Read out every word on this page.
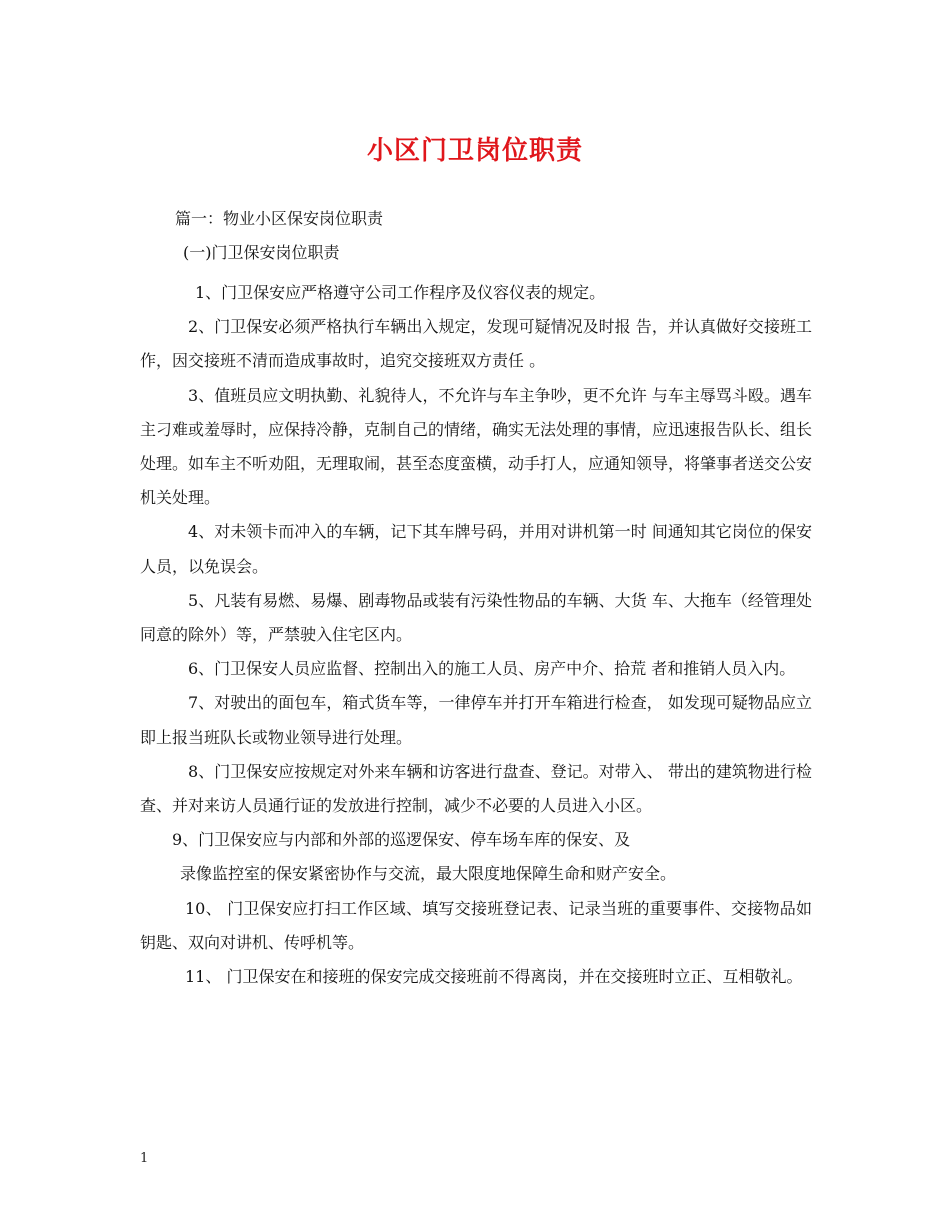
小区门卫岗位职责
篇一：物业小区保安岗位职责
(一)门卫保安岗位职责

1、门卫保安应严格遵守公司工作程序及仪容仪表的规定。

2、门卫保安必须严格执行车辆出入规定，发现可疑情况及时报 告，并认真做好交接班工作，因交接班不清而造成事故时，追究交接班双方责任 。

3、值班员应文明执勤、礼貌待人，不允许与车主争吵，更不允许 与车主辱骂斗殴。遇车主刁难或羞辱时，应保持冷静，克制自己的情绪，确实无法处理的事情，应迅速报告队长、组长处理。如车主不听劝阻，无理取闹，甚至态度蛮横，动手打人，应通知领导，将肇事者送交公安机关处理。

4、对未领卡而冲入的车辆，记下其车牌号码，并用对讲机第一时 间通知其它岗位的保安人员，以免误会。

5、凡装有易燃、易爆、剧毒物品或装有污染性物品的车辆、大货 车、大拖车（经管理处同意的除外）等，严禁驶入住宅区内。

6、门卫保安人员应监督、控制出入的施工人员、房产中介、拾荒 者和推销人员入内。

7、对驶出的面包车，箱式货车等，一律停车并打开车箱进行检查， 如发现可疑物品应立即上报当班队长或物业领导进行处理。

8、门卫保安应按规定对外来车辆和访客进行盘查、登记。对带入、 带出的建筑物进行检查、并对来访人员通行证的发放进行控制，减少不必要的人员进入小区。

9、门卫保安应与内部和外部的巡逻保安、停车场车库的保安、及

录像监控室的保安紧密协作与交流，最大限度地保障生命和财产安全。

10、 门卫保安应打扫工作区域、填写交接班登记表、记录当班的重要事件、交接物品如钥匙、双向对讲机、传呼机等。

11、 门卫保安在和接班的保安完成交接班前不得离岗，并在交接班时立正、互相敬礼。

1
